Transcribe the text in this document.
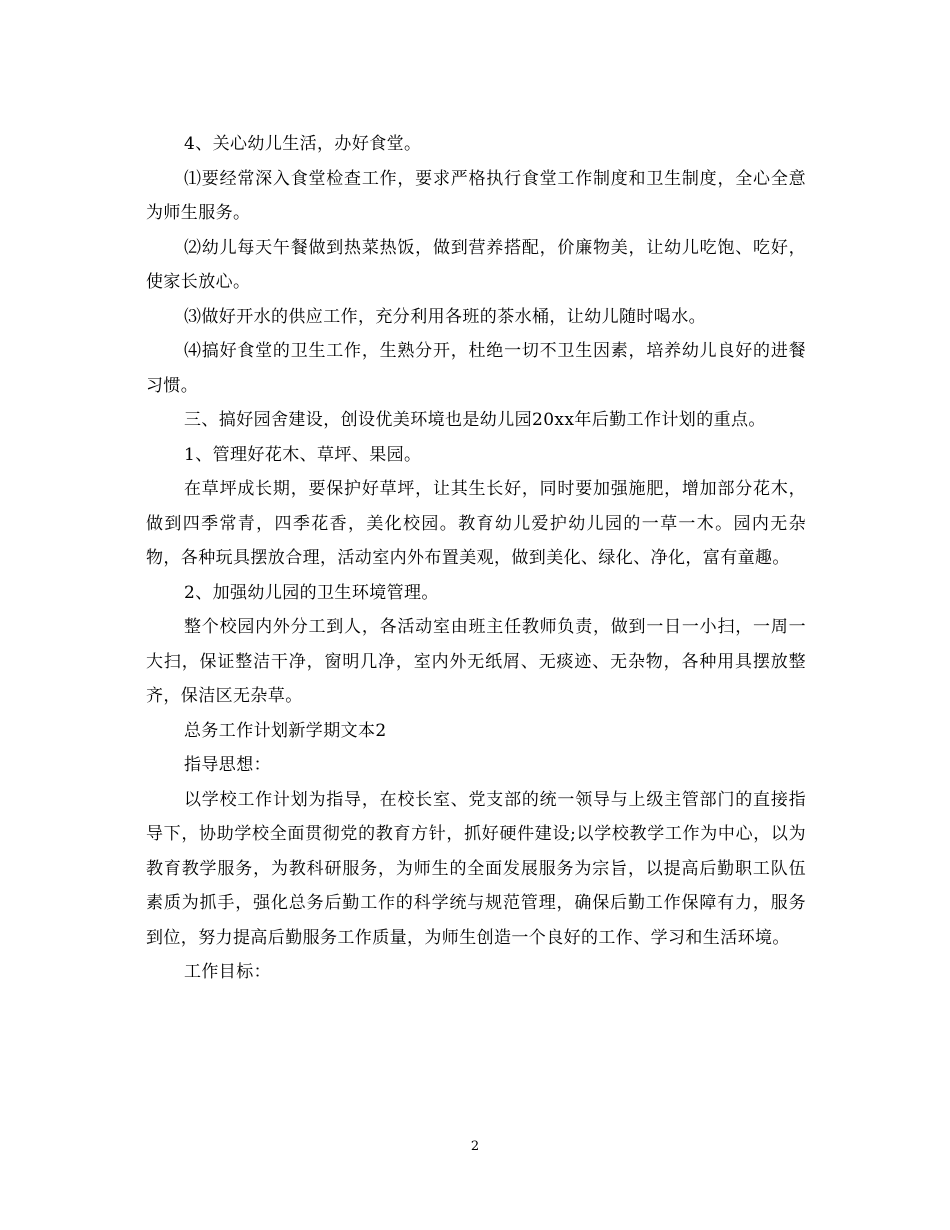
4、关心幼儿生活，办好食堂。

⑴要经常深入食堂检查工作，要求严格执行食堂工作制度和卫生制度，全心全意为师生服务。

⑵幼儿每天午餐做到热菜热饭，做到营养搭配，价廉物美，让幼儿吃饱、吃好，使家长放心。

⑶做好开水的供应工作，充分利用各班的茶水桶，让幼儿随时喝水。

⑷搞好食堂的卫生工作，生熟分开，杜绝一切不卫生因素，培养幼儿良好的进餐习惯。

三、搞好园舍建设，创设优美环境也是幼儿园20xx年后勤工作计划的重点。

1、管理好花木、草坪、果园。

在草坪成长期，要保护好草坪，让其生长好，同时要加强施肥，增加部分花木，做到四季常青，四季花香，美化校园。教育幼儿爱护幼儿园的一草一木。园内无杂物，各种玩具摆放合理，活动室内外布置美观，做到美化、绿化、净化，富有童趣。

2、加强幼儿园的卫生环境管理。

整个校园内外分工到人，各活动室由班主任教师负责，做到一日一小扫，一周一大扫，保证整洁干净，窗明几净，室内外无纸屑、无痰迹、无杂物，各种用具摆放整齐，保洁区无杂草。

总务工作计划新学期文本2

指导思想：

以学校工作计划为指导，在校长室、党支部的统一领导与上级主管部门的直接指导下，协助学校全面贯彻党的教育方针，抓好硬件建设;以学校教学工作为中心，以为教育教学服务，为教科研服务，为师生的全面发展服务为宗旨，以提高后勤职工队伍素质为抓手，强化总务后勤工作的科学统与规范管理，确保后勤工作保障有力，服务到位，努力提高后勤服务工作质量，为师生创造一个良好的工作、学习和生活环境。

工作目标：

2
